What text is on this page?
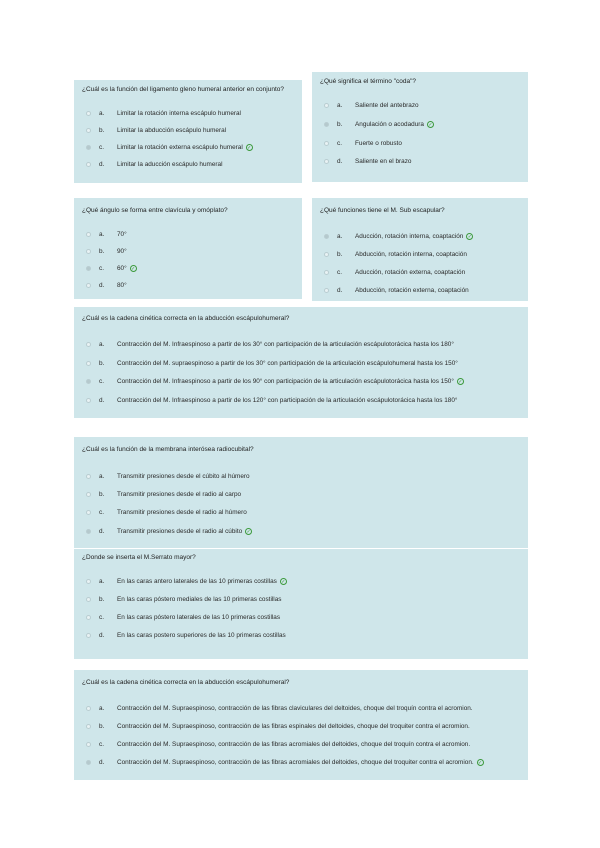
¿Cuál es la función del ligamento gleno humeral anterior en conjunto?
a.	Limitar la rotación interna escápulo humeral
b.	Limitar la abducción escápulo humeral
c.	Limitar la rotación externa escápulo humeral ✓
d.	Limitar la aducción escápulo humeral
¿Qué significa el término "coda"?
a.	Saliente del antebrazo
b.	Angulación o acodadura ✓
c.	Fuerte o robusto
d.	Saliente en el brazo
¿Qué ángulo se forma entre clavícula y omóplato?
a.	70°
b.	90°
c.	60° ✓
d.	80°
¿Qué funciones tiene el M. Sub escapular?
a.	Aducción, rotación interna, coaptación ✓
b.	Abducción, rotación interna, coaptación
c.	Aducción, rotación externa, coaptación
d.	Abducción, rotación externa, coaptación
¿Cuál es la cadena cinética correcta en la abducción escápulohumeral?
a.	Contracción del M. Infraespinoso a partir de los 30° con participación de la articulación escápulotorácica hasta los 180°
b.	Contracción del M. supraespinoso a partir de los 30° con participación de la articulación escápulohumeral hasta los 150°
c.	Contracción del M. Infraespinoso a partir de los 90° con participación de la articulación escápulotorácica hasta los 150° ✓
d.	Contracción del M. Infraespinoso a partir de los 120° con participación de la articulación escápulotorácica hasta los 180°
¿Cuál es la función de la membrana interósea radiocubital?
a.	Transmitir presiones desde el cúbito al húmero
b.	Transmitir presiones desde el radio al carpo
c.	Transmitir presiones desde el radio al húmero
d.	Transmitir presiones desde el radio al cúbito ✓
¿Donde se inserta el M.Serrato mayor?
a.	En las caras antero laterales de las 10 primeras costillas ✓
b.	En las caras póstero mediales de las 10 primeras costillas
c.	En las caras póstero laterales de las 10 primeras costillas
d.	En las caras postero superiores de las 10 primeras costillas
¿Cuál es la cadena cinética correcta en la abducción escápulohumeral?
a.	Contracción del M. Supraespinoso, contracción de las fibras claviculares del deltoides, choque del troquín contra el acromion.
b.	Contracción del M. Supraespinoso, contracción de las fibras espinales del deltoides, choque del troquiter contra el acromion.
c.	Contracción del M. Supraespinoso, contracción de las fibras acromiales del deltoides, choque del troquín contra el acromion.
d.	Contracción del M. Supraespinoso, contracción de las fibras acromiales del deltoides, choque del troquiter contra el acromion. ✓
